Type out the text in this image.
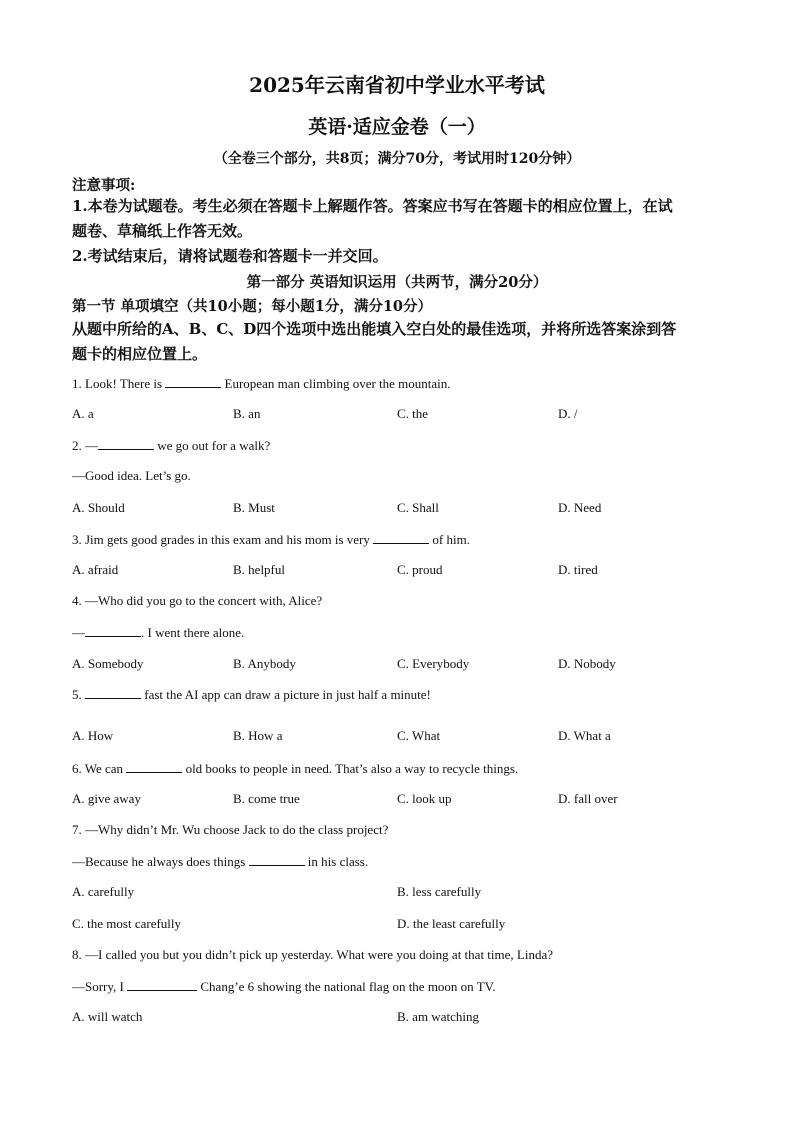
2025年云南省初中学业水平考试
英语·适应金卷（一）
（全卷三个部分，共8页；满分70分，考试用时120分钟）
注意事项:
1.本卷为试题卷。考生必须在答题卡上解题作答。答案应书写在答题卡的相应位置上，在试
题卷、草稿纸上作答无效。
2.考试结束后，请将试题卷和答题卡一并交回。
第一部分 英语知识运用（共两节，满分20分）
第一节 单项填空（共10小题；每小题1分，满分10分）
从题中所给的A、B、C、D四个选项中选出能填入空白处的最佳选项，并将所选答案涂到答
题卡的相应位置上。
1. Look! There is	European man climbing over the mountain.
A. a	B. an	C. the	D. /
2. —	we go out for a walk?
—Good idea. Let’s go.
A. Should	B. Must	C. Shall	D. Need
3. Jim gets good grades in this exam and his mom is very	of him.
A. afraid	B. helpful	C. proud	D. tired
4. —Who did you go to the concert with, Alice?
—	. I went there alone.
A. Somebody	B. Anybody	C. Everybody	D. Nobody
5.	fast the AI app can draw a picture in just half a minute!
A. How	B. How a	C. What	D. What a
6. We can	old books to people in need. That’s also a way to recycle things.
A. give away	B. come true	C. look up	D. fall over
7. —Why didn’t Mr. Wu choose Jack to do the class project?
—Because he always does things	in his class.
A. carefully	B. less carefully
C. the most carefully	D. the least carefully
8. —I called you but you didn’t pick up yesterday. What were you doing at that time, Linda?
—Sorry, I	Chang’e 6 showing the national flag on the moon on TV.
A. will watch	B. am watching
